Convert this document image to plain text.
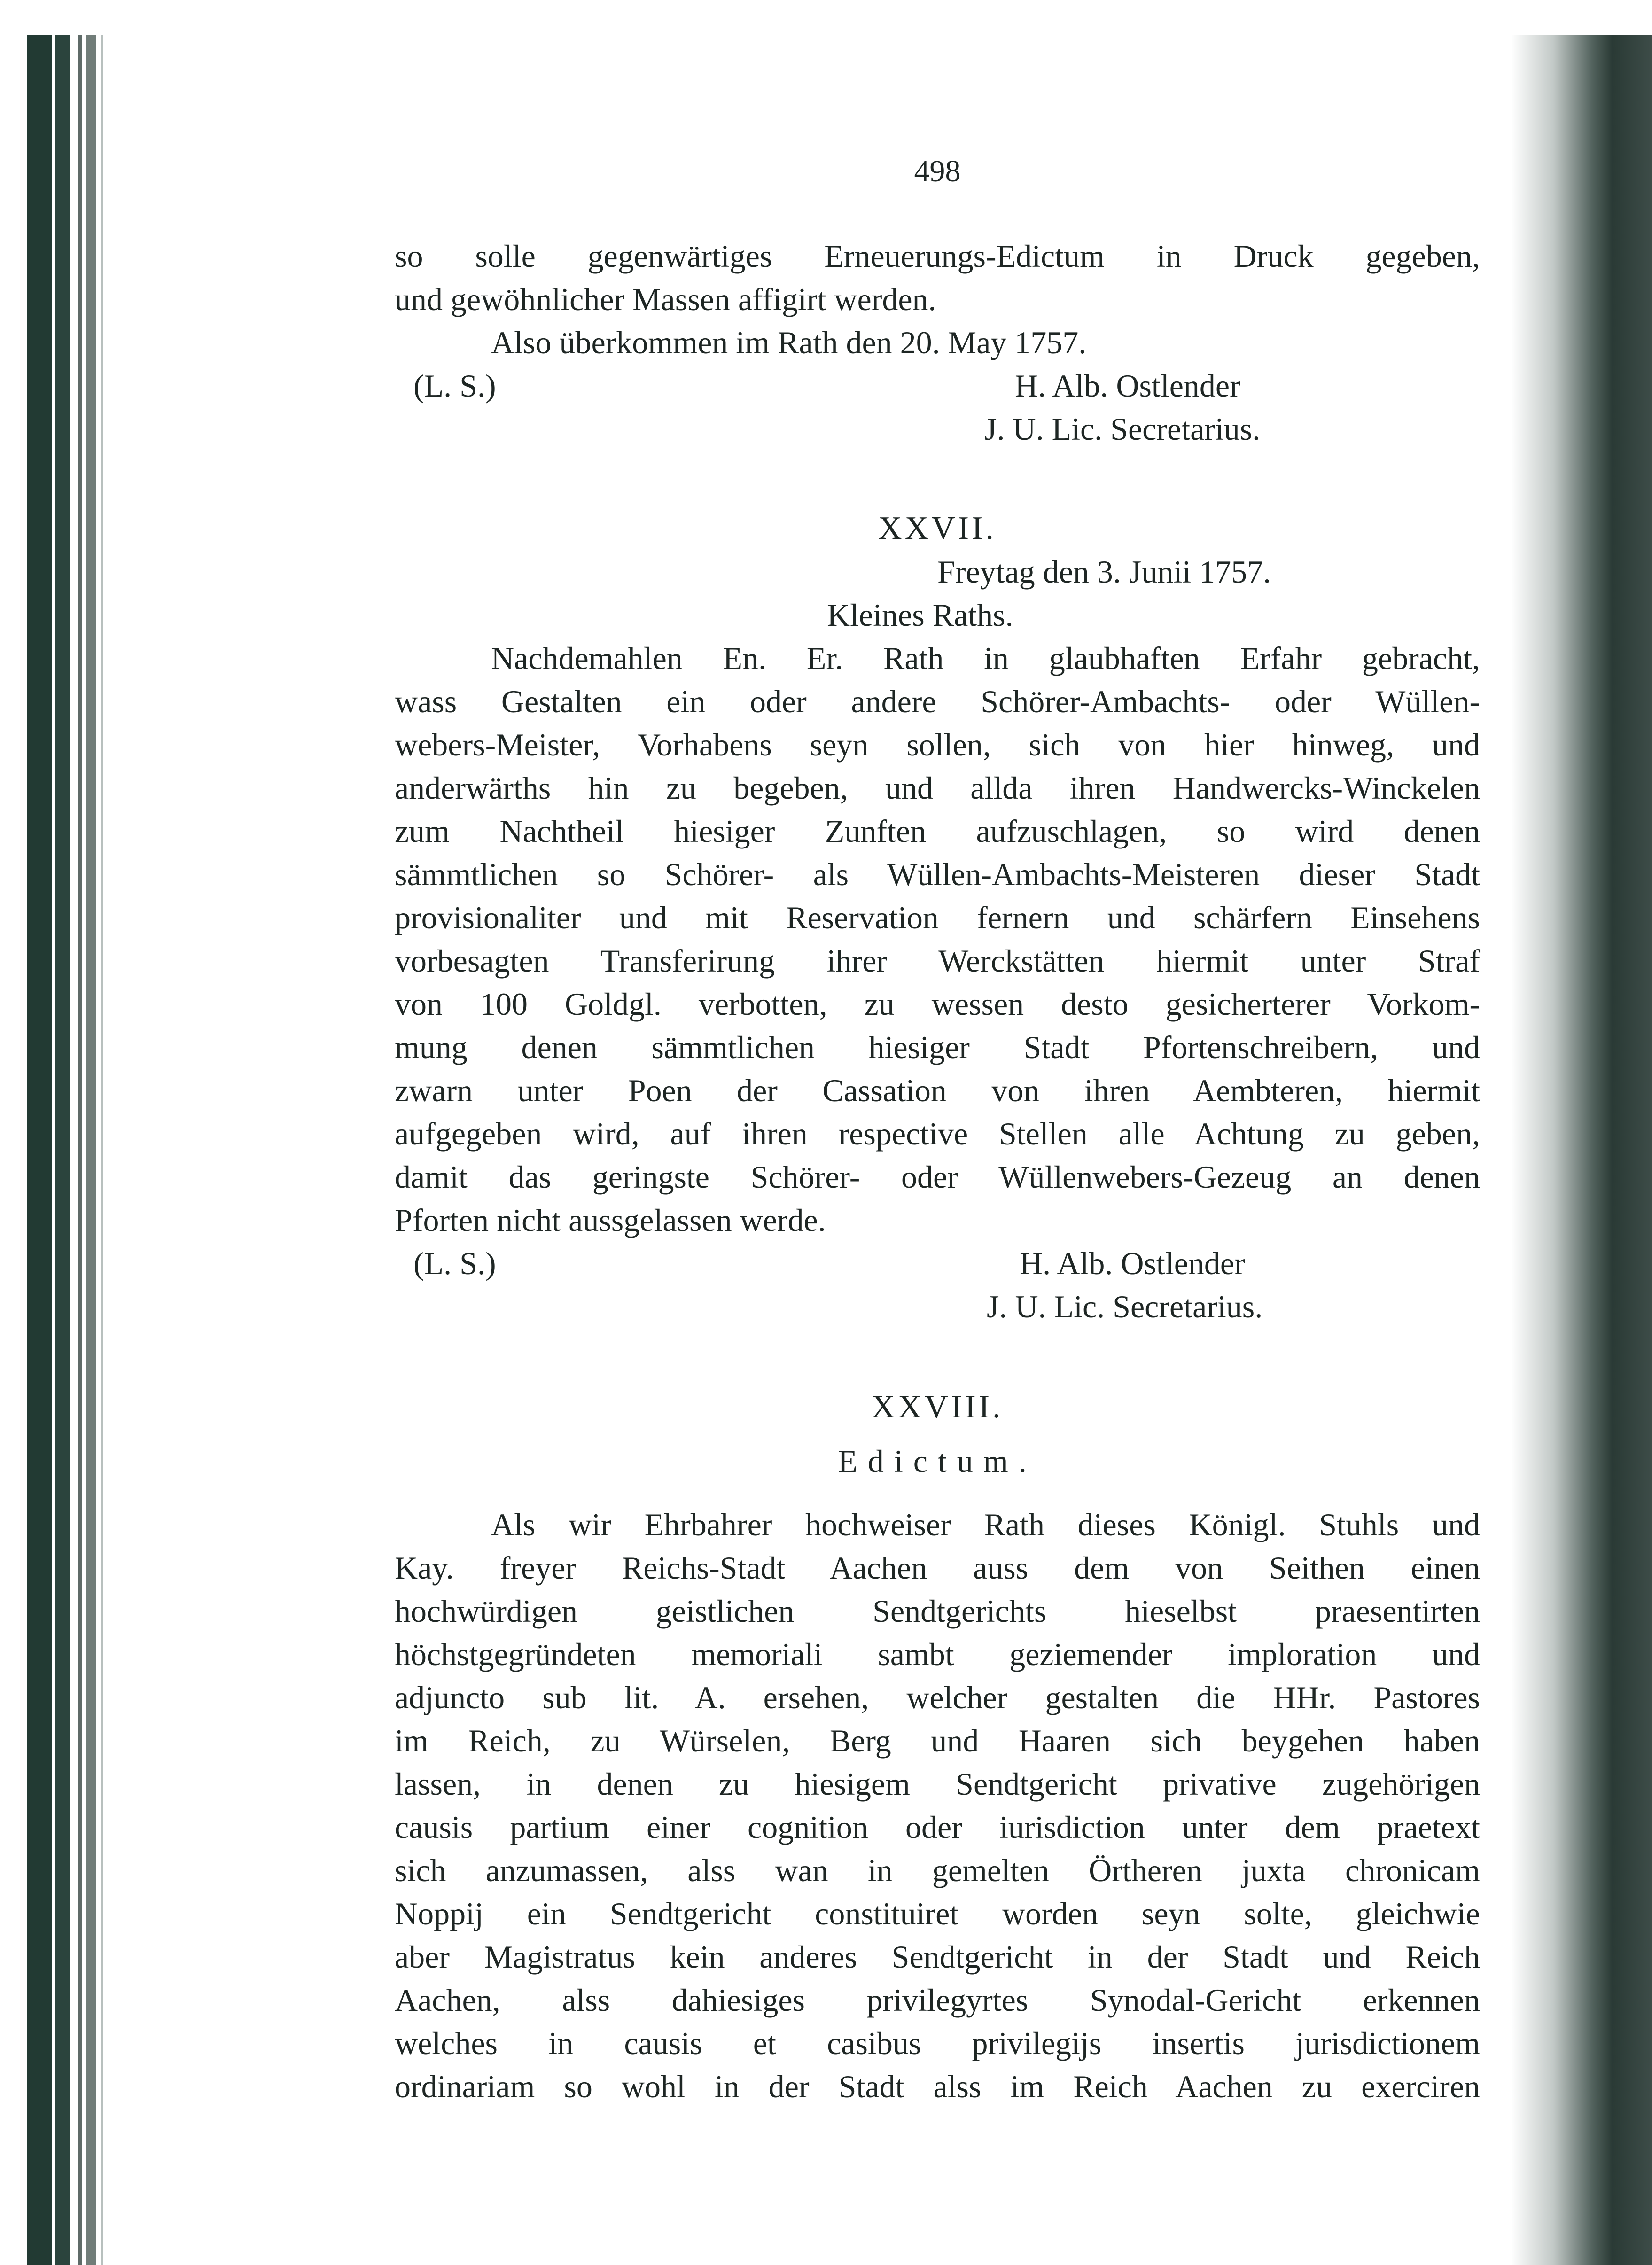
498
so solle gegenwärtiges Erneuerungs-Edictum in Druck gegeben,
und gewöhnlicher Massen affigirt werden.
Also überkommen im Rath den 20. May 1757.
(L. S.)	H. Alb. Ostlender
J. U. Lic. Secretarius.
XXVII.
Freytag den 3. Junii 1757.
Kleines Raths.
Nachdemahlen En. Er. Rath in glaubhaften Erfahr gebracht,
wass Gestalten ein oder andere Schörer-Ambachts- oder Wüllen-
webers-Meister, Vorhabens seyn sollen, sich von hier hinweg, und
anderwärths hin zu begeben, und allda ihren Handwercks-Winckelen
zum Nachtheil hiesiger Zunften aufzuschlagen, so wird denen
sämmtlichen so Schörer- als Wüllen-Ambachts-Meisteren dieser Stadt
provisionaliter und mit Reservation fernern und schärfern Einsehens
vorbesagten Transferirung ihrer Werckstätten hiermit unter Straf
von 100 Goldgl. verbotten, zu wessen desto gesicherterer Vorkom-
mung denen sämmtlichen hiesiger Stadt Pfortenschreibern, und
zwarn unter Poen der Cassation von ihren Aembteren, hiermit
aufgegeben wird, auf ihren respective Stellen alle Achtung zu geben,
damit das geringste Schörer- oder Wüllenwebers-Gezeug an denen
Pforten nicht aussgelassen werde.
(L. S.)	H. Alb. Ostlender
J. U. Lic. Secretarius.
XXVIII.
Edictum.
Als wir Ehrbahrer hochweiser Rath dieses Königl. Stuhls und
Kay. freyer Reichs-Stadt Aachen auss dem von Seithen einen
hochwürdigen geistlichen Sendtgerichts hieselbst praesentirten
höchstgegründeten memoriali sambt geziemender imploration und
adjuncto sub lit. A. ersehen, welcher gestalten die HHr. Pastores
im Reich, zu Würselen, Berg und Haaren sich beygehen haben
lassen, in denen zu hiesigem Sendtgericht privative zugehörigen
causis partium einer cognition oder iurisdiction unter dem praetext
sich anzumassen, alss wan in gemelten Örtheren juxta chronicam
Noppij ein Sendtgericht constituiret worden seyn solte, gleichwie
aber Magistratus kein anderes Sendtgericht in der Stadt und Reich
Aachen, alss dahiesiges privilegyrtes Synodal-Gericht erkennen
welches in causis et casibus privilegijs insertis jurisdictionem
ordinariam so wohl in der Stadt alss im Reich Aachen zu exerciren
